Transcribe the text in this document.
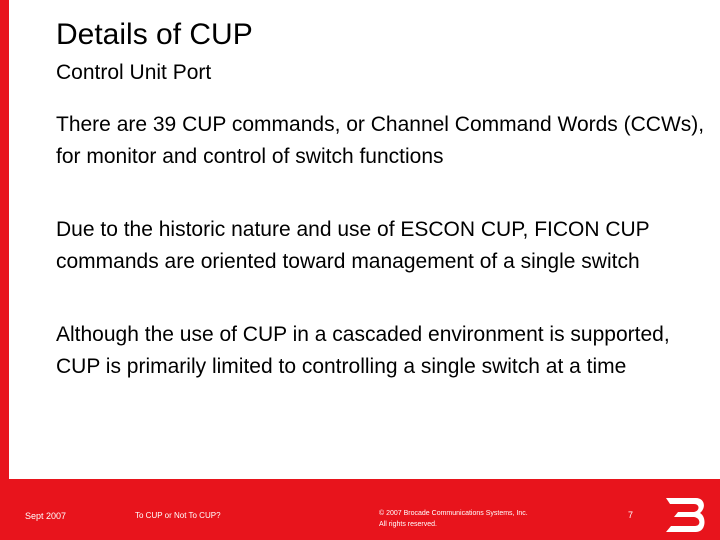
Details of CUP
Control Unit Port
There are 39 CUP commands, or Channel Command Words (CCWs), for monitor and control of switch functions
Due to the historic nature and use of ESCON CUP, FICON CUP commands are oriented toward management of a single switch
Although the use of CUP in a cascaded environment is supported, CUP is primarily limited to controlling a single switch at a time
Sept 2007	To CUP or Not To CUP?	© 2007 Brocade Communications Systems, Inc.
All rights reserved.
7
